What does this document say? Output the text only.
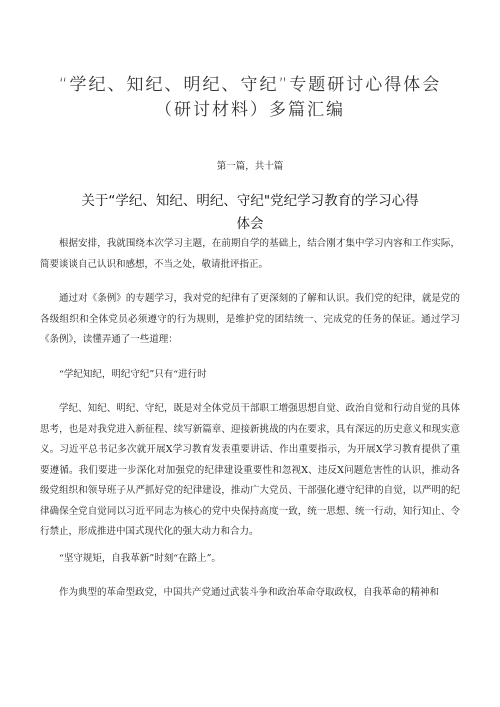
“学纪、知纪、明纪、守纪”专题研讨心得体会
（研讨材料）多篇汇编
第一篇，共十篇
关于“学纪、知纪、明纪、守纪"党纪学习教育的学习心得
体会

根据安排，我就围绕本次学习主题，在前期自学的基础上，结合刚才集中学习内容和工作实际，简要谈谈自己认识和感想，不当之处，敬请批评指正。

通过对《条例》的专题学习，我对党的纪律有了更深刻的了解和认识。我们党的纪律，就是党的各级组织和全体党员必须遵守的行为规则，是维护党的团结统一、完成党的任务的保证。通过学习《条例》，读懂弄通了一些道理：

“学纪知纪，明纪守纪”只有“进行时

学纪、知纪、明纪、守纪，既是对全体党员干部职工增强思想自觉、政治自觉和行动自觉的具体思考，也是对我党进入新征程、续写新篇章、迎接新挑战的内在要求，具有深远的历史意义和现实意义。习近平总书记多次就开展X学习教育发表重要讲话、作出重要指示，为开展X学习教育提供了重要遵循。我们要进一步深化对加强党的纪律建设重要性和忽视X、违反X问题危害性的认识，推动各级党组织和领导班子从严抓好党的纪律建设，推动广大党员、干部强化遵守纪律的自觉，以严明的纪律确保全党自觉同以习近平同志为核心的党中央保持高度一致，统一思想、统一行动，知行知止、令行禁止，形成推进中国式现代化的强大动力和合力。

“坚守规矩，自我革新”时刻“在路上”。

作为典型的革命型政党，中国共产党通过武装斗争和政治革命夺取政权，自我革命的精神和
